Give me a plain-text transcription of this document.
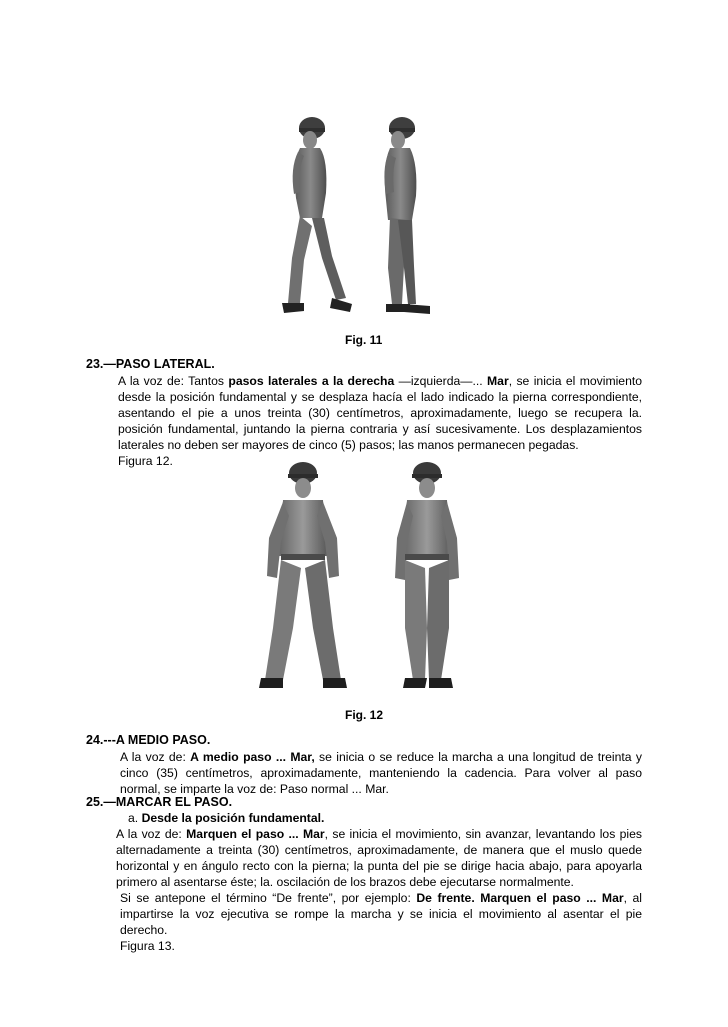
Fig. 11
23.—PASO LATERAL.
A la voz de: Tantos pasos laterales a la derecha —izquierda—... Mar, se inicia el movimiento
desde la posición fundamental y se desplaza hacía el lado indicado la pierna correspondiente,
asentando el pie a unos treinta (30) centímetros, aproximadamente, luego se recupera la.
posición fundamental, juntando la pierna contraria y así sucesivamente. Los desplazamientos
laterales no deben ser mayores de cinco (5) pasos; las manos permanecen pegadas.
Figura 12.
Fig. 12
24.---A MEDIO PASO.
A la voz de: A medio paso ... Mar, se inicia o se reduce la marcha a una longitud de treinta y
cinco (35) centímetros, aproximadamente, manteniendo la cadencia. Para volver al paso
normal, se imparte la voz de: Paso normal ... Mar.
25.—MARCAR EL PASO.
a. Desde la posición fundamental.
A la voz de: Marquen el paso ... Mar, se inicia el movimiento, sin avanzar, levantando los pies
alternadamente a treinta (30) centímetros, aproximadamente, de manera que el muslo quede
horizontal y en ángulo recto con la pierna; la punta del pie se dirige hacia abajo, para apoyarla
primero al asentarse éste; la. oscilación de los brazos debe ejecutarse normalmente.
Si se antepone el término “De frente”, por ejemplo: De frente. Marquen el paso ... Mar, al
impartirse la voz ejecutiva se rompe la marcha y se inicia el movimiento al asentar el pie
derecho.
Figura 13.
